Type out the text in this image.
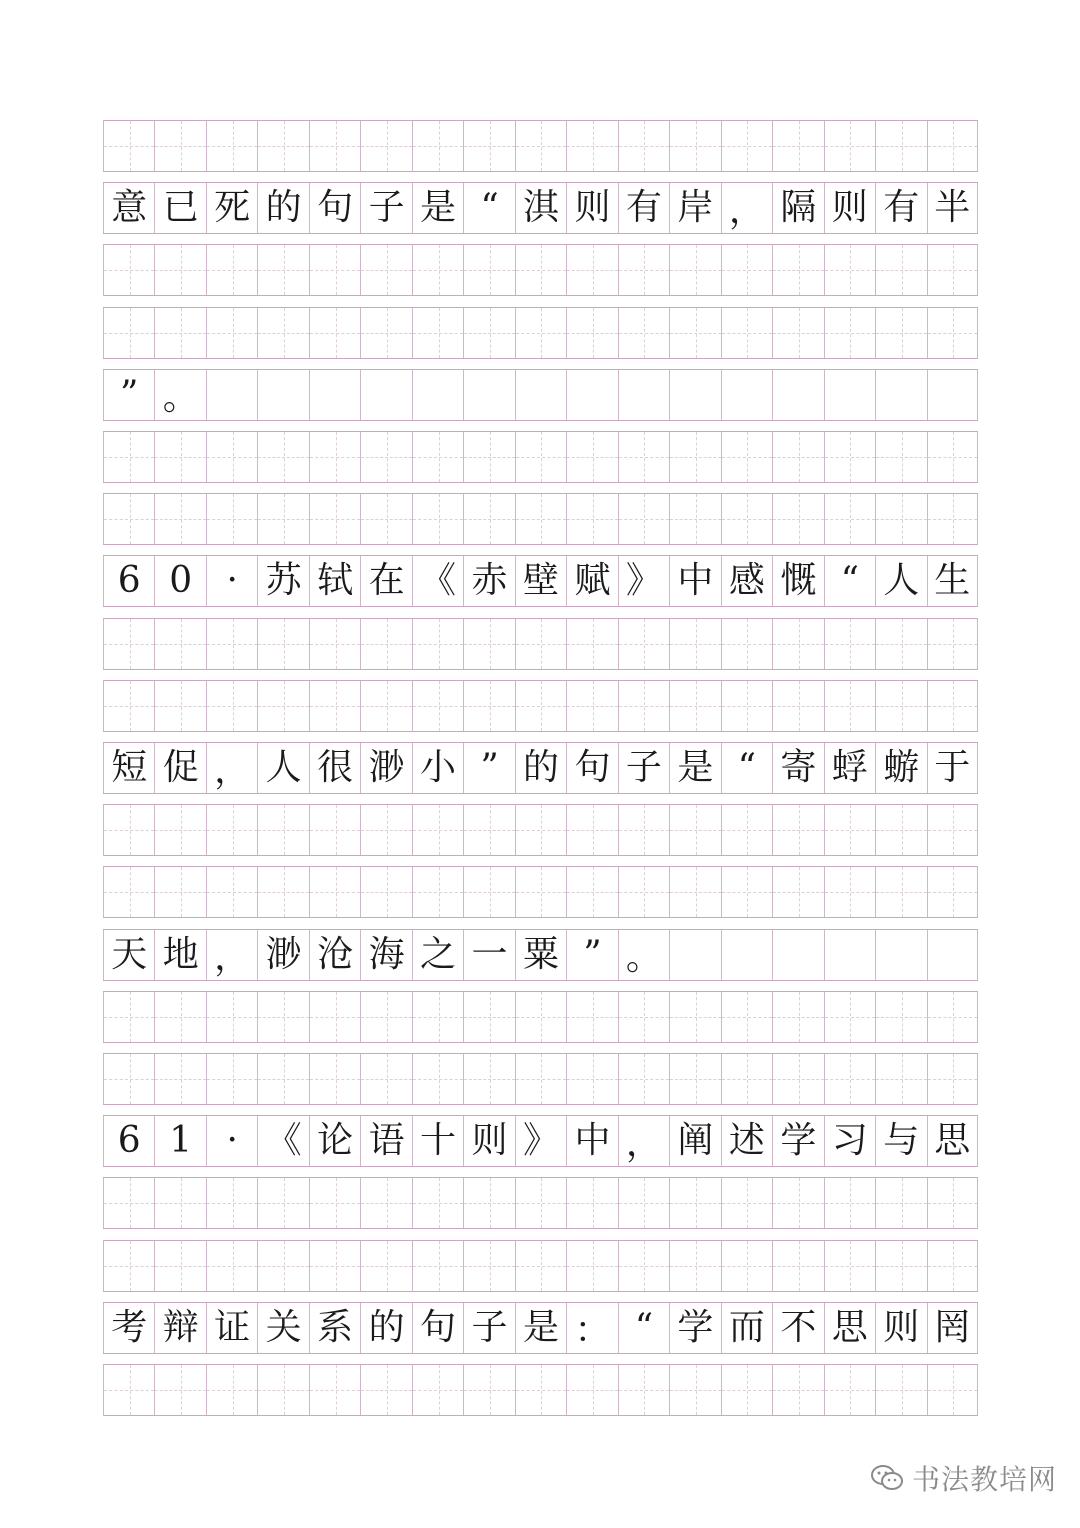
意 已 死 的 句 子 是 “ 淇 则 有 岸 ， 隔 则 有 半
” 。
6 0 · 苏 轼 在 《 赤 壁 赋 》 中 感 慨 “ 人 生
短 促 ， 人 很 渺 小 ” 的 句 子 是 “ 寄 蜉 蝣 于
天 地 ， 渺 沧 海 之 一 粟 ” 。
6 1 · 《 论 语 十 则 》 中 ， 阐 述 学 习 与 思
考 辩 证 关 系 的 句 子 是 ： “ 学 而 不 思 则 罔
书法教培网
